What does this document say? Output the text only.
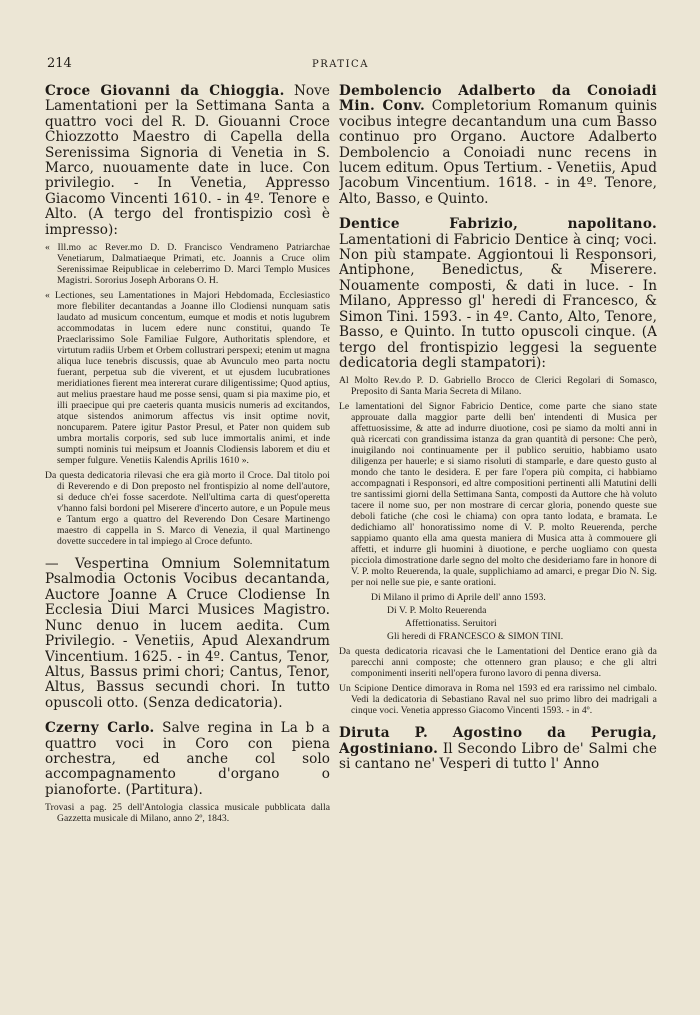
214	PRATICA

Croce Giovanni da Chioggia. Nove Lamentationi per la Settimana Santa a quattro voci del R. D. Giouanni Croce Chiozzotto Maestro di Capella della Serenissima Signoria di Venetia in S. Marco, nuouamente date in luce. Con privilegio. - In Venetia, Appresso Giacomo Vincenti 1610. - in 4º. Tenore e Alto. (A tergo del frontispizio così è impresso):

« Ill.mo ac Rever.mo D. D. Francisco Vendrameno Patriarchae Venetiarum, Dalmatiaeque Primati, etc. Joannis a Cruce olim Serenissimae Reipublicae in celeberrimo D. Marci Templo Musices Magistri. Sororius Joseph Arborans O. H.

« Lectiones, seu Lamentationes in Majori Hebdomada, Ecclesiastico more flebiliter decantandas a Joanne illo Clodiensi nunquam satis laudato ad musicum concentum, eumque et modis et notis lugubrem accommodatas in lucem edere nunc constitui, quando Te Praeclarissimo Sole Familiae Fulgore, Authoritatis splendore, et virtutum radiis Urbem et Orbem collustrari perspexi; etenim ut magna aliqua luce tenebris discussis, quae ab Avunculo meo parta noctu fuerant, perpetua sub die viverent, et ut ejusdem lucubrationes meridiationes fierent mea intererat curare diligentissime; Quod aptius, aut melius praestare haud me posse sensi, quam si pia maxime pio, et illi praecipue qui pre caeteris quanta musicis numeris ad excitandos, atque sistendos animorum affectus vis insit optime novit, noncuparem. Patere igitur Pastor Presul, et Pater non quidem sub umbra mortalis corporis, sed sub luce immortalis animi, et inde sumpti nominis tui meipsum et Joannis Clodiensis laborem et diu et semper fulgure. Venetiis Kalendis Aprilis 1610 ».

Da questa dedicatoria rilevasi che era già morto il Croce. Dal titolo poi di Reverendo e di Don preposto nel frontispizio al nome dell'autore, si deduce ch'ei fosse sacerdote. Nell'ultima carta di quest'operetta v'hanno falsi bordoni pel Miserere d'incerto autore, e un Popule meus e Tantum ergo a quattro del Reverendo Don Cesare Martinengo maestro di cappella in S. Marco di Venezia, il qual Martinengo dovette succedere in tal impiego al Croce defunto.

— Vespertina Omnium Solemnitatum Psalmodia Octonis Vocibus decantanda, Auctore Joanne A Cruce Clodiense In Ecclesia Diui Marci Musices Magistro. Nunc denuo in lucem aedita. Cum Privilegio. - Venetiis, Apud Alexandrum Vincentium. 1625. - in 4º. Cantus, Tenor, Altus, Bassus primi chori; Cantus, Tenor, Altus, Bassus secundi chori. In tutto opuscoli otto. (Senza dedicatoria).

Czerny Carlo. Salve regina in La b a quattro voci in Coro con piena orchestra, ed anche col solo accompagnamento d'organo o pianoforte. (Partitura).

Trovasi a pag. 25 dell'Antologia classica musicale pubblicata dalla Gazzetta musicale di Milano, anno 2º, 1843.

Dembolencio Adalberto da Conoiadi Min. Conv. Completorium Romanum quinis vocibus integre decantandum una cum Basso continuo pro Organo. Auctore Adalberto Dembolencio a Conoiadi nunc recens in lucem editum. Opus Tertium. - Venetiis, Apud Jacobum Vincentium. 1618. - in 4º. Tenore, Alto, Basso, e Quinto.

Dentice Fabrizio, napolitano. Lamentationi di Fabricio Dentice à cinq; voci. Non più stampate. Aggiontoui li Responsori, Antiphone, Benedictus, & Miserere. Nouamente composti, & dati in luce. - In Milano, Appresso gl' heredi di Francesco, & Simon Tini. 1593. - in 4º. Canto, Alto, Tenore, Basso, e Quinto. In tutto opuscoli cinque. (A tergo del frontispizio leggesi la seguente dedicatoria degli stampatori):

Al Molto Rev.do P. D. Gabriello Brocco de Clerici Regolari di Somasco, Preposito di Santa Maria Secreta di Milano.

Le lamentationi del Signor Fabricio Dentice, come parte che siano state approuate dalla maggior parte delli ben' intendenti di Musica per affettuosissime, & atte ad indurre diuotione, così pe siamo da molti anni in quà ricercati con grandissima istanza da gran quantità di persone: Che però, inuigilando noi continuamente per il publico seruitio, habbiamo usato diligenza per hauerle; e si siamo risoluti di stamparle, e dare questo gusto al mondo che tanto le desidera. E per fare l'opera più compita, ci habbiamo accompagnati i Responsori, ed altre compositioni pertinenti alli Matutini delli tre santissimi giorni della Settimana Santa, composti da Auttore che hà voluto tacere il nome suo, per non mostrare di cercar gloria, ponendo queste sue deboli fatiche (che così le chiama) con opra tanto lodata, e bramata. Le dedichiamo all' honoratissimo nome di V. P. molto Reuerenda, perche sappiamo quanto ella ama questa maniera di Musica atta à commouere gli affetti, et indurre gli huomini à diuotione, e perche uogliamo con questa picciola dimostratione darle segno del molto che desideriamo fare in honore di V. P. molto Reuerenda, la quale, supplichiamo ad amarci, e pregar Dio N. Sig. per noi nelle sue pie, e sante orationi.

Di Milano il primo di Aprile dell' anno 1593.

Di V. P. Molto Reuerenda

Affettionatiss. Seruitori

Gli heredi di FRANCESCO & SIMON TINI.

Da questa dedicatoria ricavasi che le Lamentationi del Dentice erano già da parecchi anni composte; che ottennero gran plauso; e che gli altri componimenti inseriti nell'opera furono lavoro di penna diversa.

Un Scipione Dentice dimorava in Roma nel 1593 ed era rarissimo nel cimbalo. Vedi la dedicatoria di Sebastiano Raval nel suo primo libro dei madrigali a cinque voci. Venetia appresso Giacomo Vincenti 1593. - in 4º.

Diruta P. Agostino da Perugia, Agostiniano. Il Secondo Libro de' Salmi che si cantano ne' Vesperi di tutto l' Anno
